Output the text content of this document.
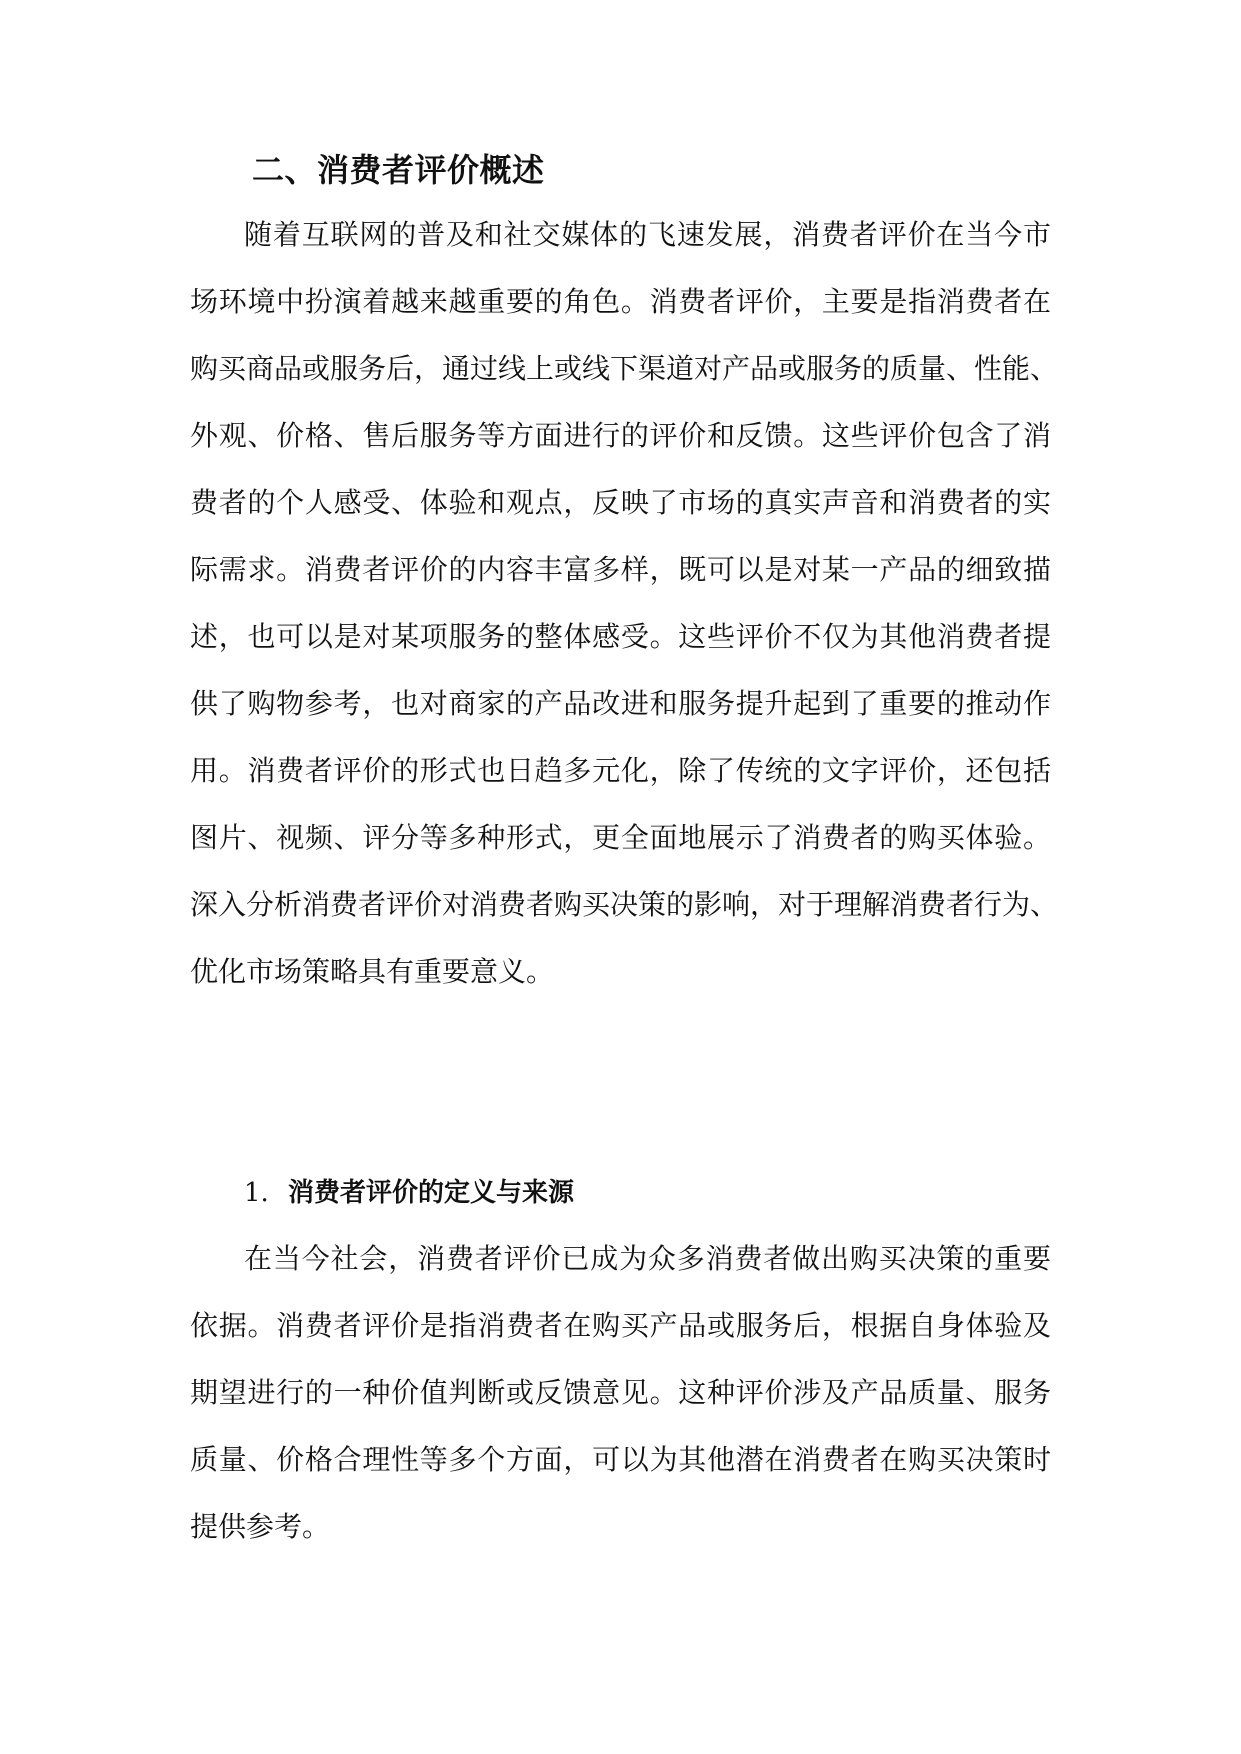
二、消费者评价概述
随着互联网的普及和社交媒体的飞速发展，消费者评价在当今市
场环境中扮演着越来越重要的角色。消费者评价，主要是指消费者在
购买商品或服务后，通过线上或线下渠道对产品或服务的质量、性能、
外观、价格、售后服务等方面进行的评价和反馈。这些评价包含了消
费者的个人感受、体验和观点，反映了市场的真实声音和消费者的实
际需求。消费者评价的内容丰富多样，既可以是对某一产品的细致描
述，也可以是对某项服务的整体感受。这些评价不仅为其他消费者提
供了购物参考，也对商家的产品改进和服务提升起到了重要的推动作
用。消费者评价的形式也日趋多元化，除了传统的文字评价，还包括
图片、视频、评分等多种形式，更全面地展示了消费者的购买体验。
深入分析消费者评价对消费者购买决策的影响，对于理解消费者行为、
优化市场策略具有重要意义。
1. 消费者评价的定义与来源
在当今社会，消费者评价已成为众多消费者做出购买决策的重要
依据。消费者评价是指消费者在购买产品或服务后，根据自身体验及
期望进行的一种价值判断或反馈意见。这种评价涉及产品质量、服务
质量、价格合理性等多个方面，可以为其他潜在消费者在购买决策时
提供参考。
